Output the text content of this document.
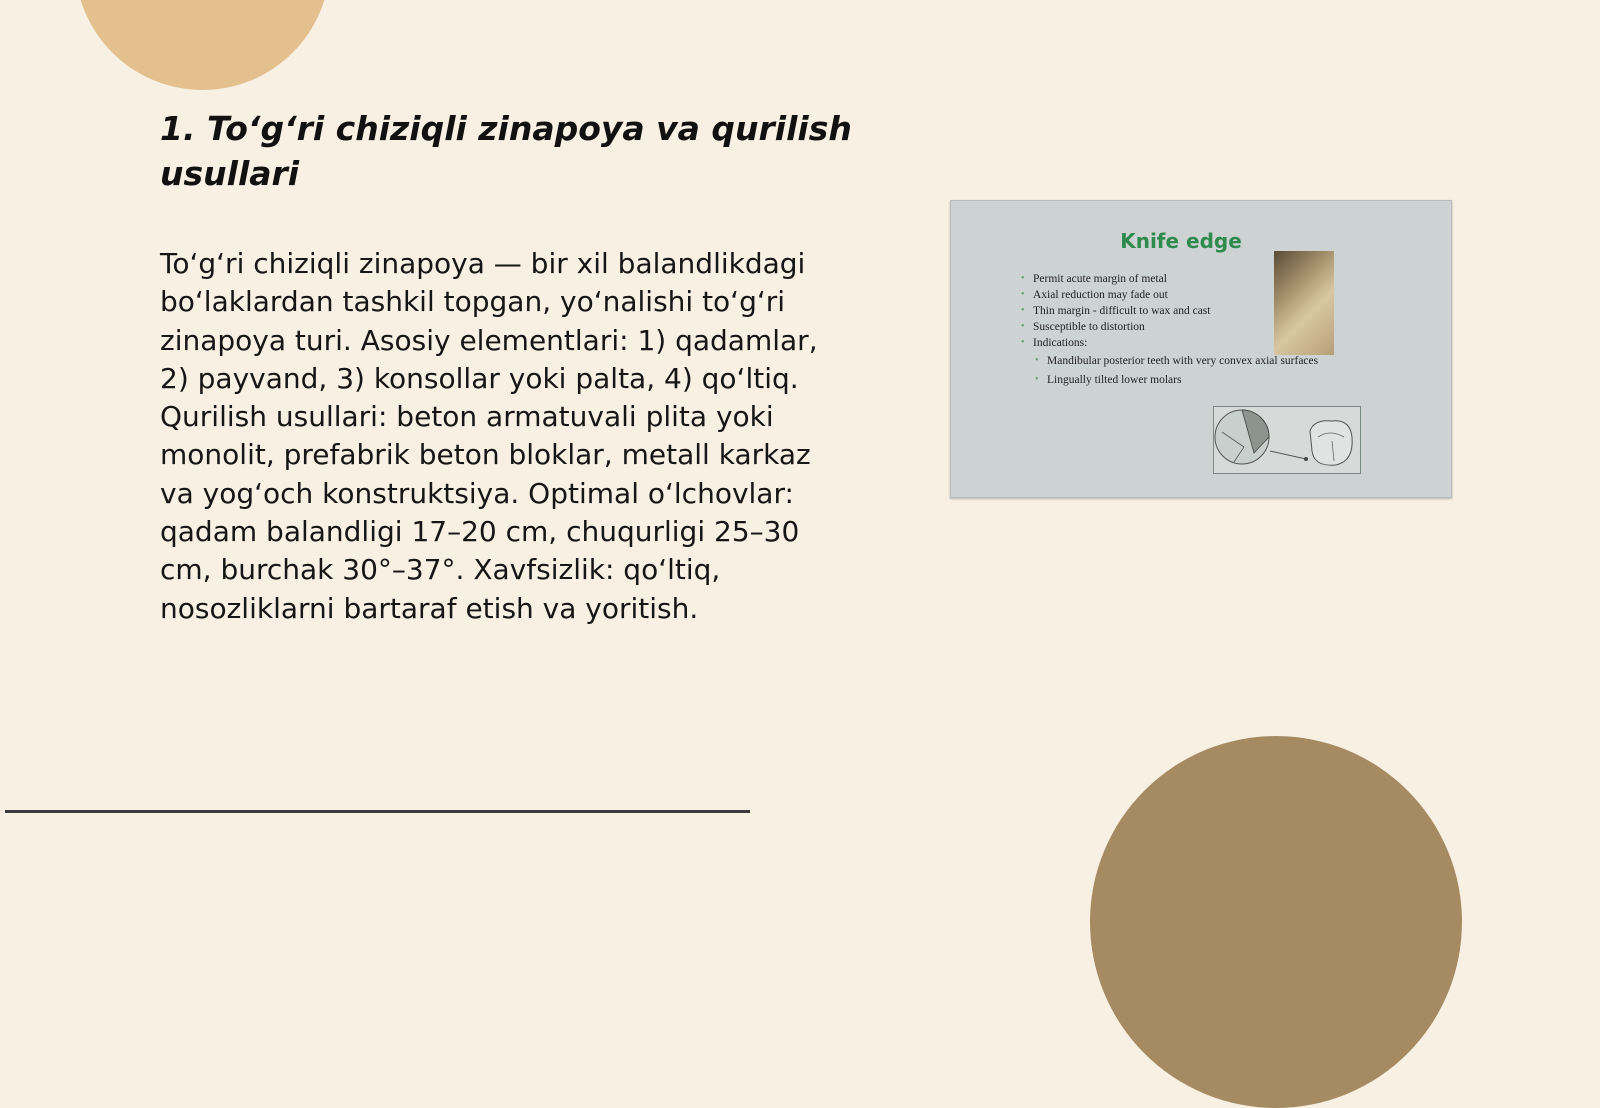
1. To‘g‘ri chiziqli zinapoya va qurilish usullari

To‘g‘ri chiziqli zinapoya — bir xil balandlikdagi bo‘laklardan tashkil topgan, yo‘nalishi to‘g‘ri zinapoya turi. Asosiy elementlari: 1) qadamlar, 2) payvand, 3) konsollar yoki palta, 4) qo‘ltiq. Qurilish usullari: beton armatuvali plita yoki monolit, prefabrik beton bloklar, metall karkaz va yog‘och konstruktsiya. Optimal o‘lchovlar: qadam balandligi 17–20 cm, chuqurligi 25–30 cm, burchak 30°–37°. Xavfsizlik: qo‘ltiq, nosozliklarni bartaraf etish va yoritish.

Knife edge
• Permit acute margin of metal
• Axial reduction may fade out
• Thin margin - difficult to wax and cast
• Susceptible to distortion
• Indications:
• Mandibular posterior teeth with very convex axial surfaces
• Lingually tilted lower molars
